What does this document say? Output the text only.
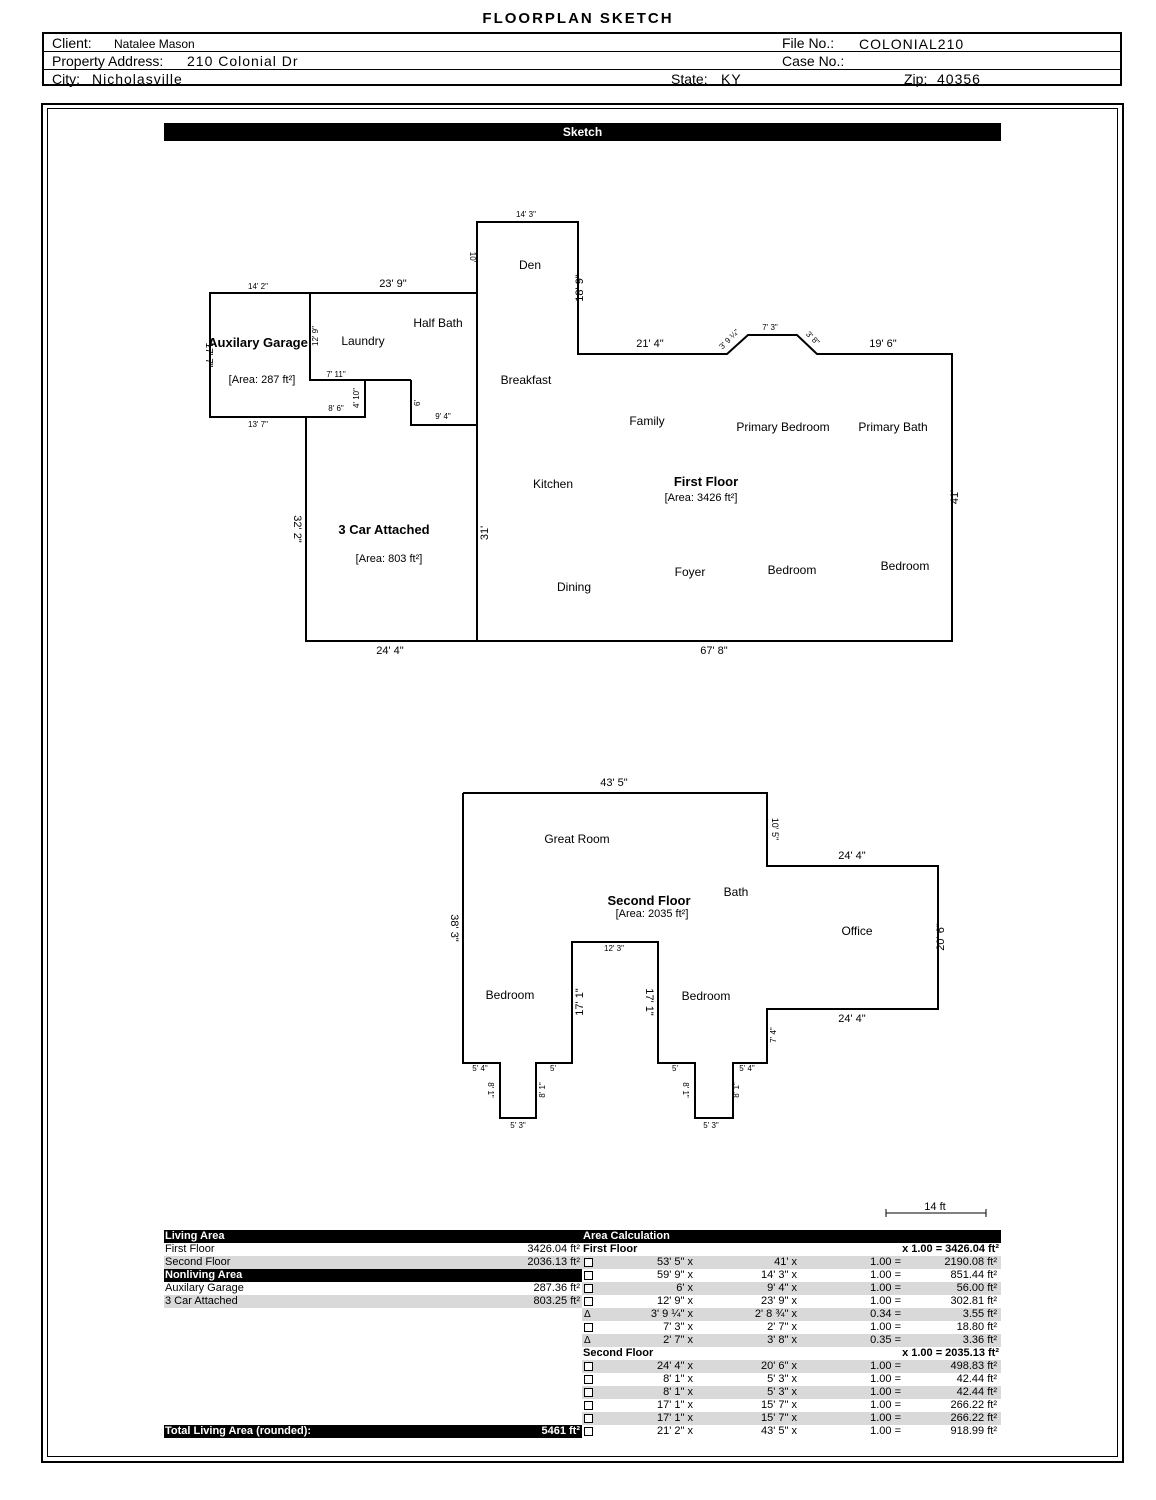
FLOORPLAN SKETCH
Client: Natalee Mason	File No.: COLONIAL210
Property Address: 210 Colonial Dr	Case No.:
City: Nicholasville	State: KY	Zip: 40356
Sketch
Den
Laundry
Half Bath
Breakfast
Family	Primary Bedroom Primary Bath
Kitchen
Dining
Foyer	Bedroom	Bedroom
Great Room
Bath
Office
Bedroom	Bedroom
Auxilary Garage
[Area: 287 ft²]
3 Car Attached
[Area: 803 ft²]
First Floor
[Area: 3426 ft²]
Second Floor
[Area: 2035 ft²]
14 ft
14' 3"
10'
18' 9"
23' 9"
14' 2"
12' 9"
17' 7"
7' 11"
8' 6"
13' 7"
4' 10"	6'
9' 4"
21' 4"	3' 9 ¼"	7' 3"
3' 8"	19' 6"
41'
32' 2"	31'
24' 4"	67' 8"
43' 5"
10' 5"
24' 4"
38' 3"	20' 6"
12' 3"
17' 1"	17' 1"
24' 4"
7' 4"
5' 4"	5'
8' 1"	8' 1"
5' 3"
5'	5' 4"
8' 1"	8' 1"
5' 3"
Living Area
First Floor	3426.04 ft²
Second Floor	2036.13 ft²
Nonliving Area
Auxilary Garage	287.36 ft²
3 Car Attached	803.25 ft²
Total Living Area (rounded):	5461 ft²
Area Calculation
First Floor	x 1.00 = 3426.04 ft²
53' 5" x	41' x	1.00 =	2190.08 ft²
59' 9" x	14' 3" x	1.00 =	851.44 ft²
6' x	9' 4" x	1.00 =	56.00 ft²
12' 9" x	23' 9" x	1.00 =	302.81 ft²
Δ	3' 9 ¼" x	2' 8 ¾" x	0.34 =	3.55 ft²
7' 3" x	2' 7" x	1.00 =	18.80 ft²
Δ	2' 7" x	3' 8" x	0.35 =	3.36 ft²
Second Floor	x 1.00 = 2035.13 ft²
24' 4" x	20' 6" x	1.00 =	498.83 ft²
8' 1" x	5' 3" x	1.00 =	42.44 ft²
8' 1" x	5' 3" x	1.00 =	42.44 ft²
17' 1" x	15' 7" x	1.00 =	266.22 ft²
17' 1" x	15' 7" x	1.00 =	266.22 ft²
21' 2" x	43' 5" x	1.00 =	918.99 ft²
